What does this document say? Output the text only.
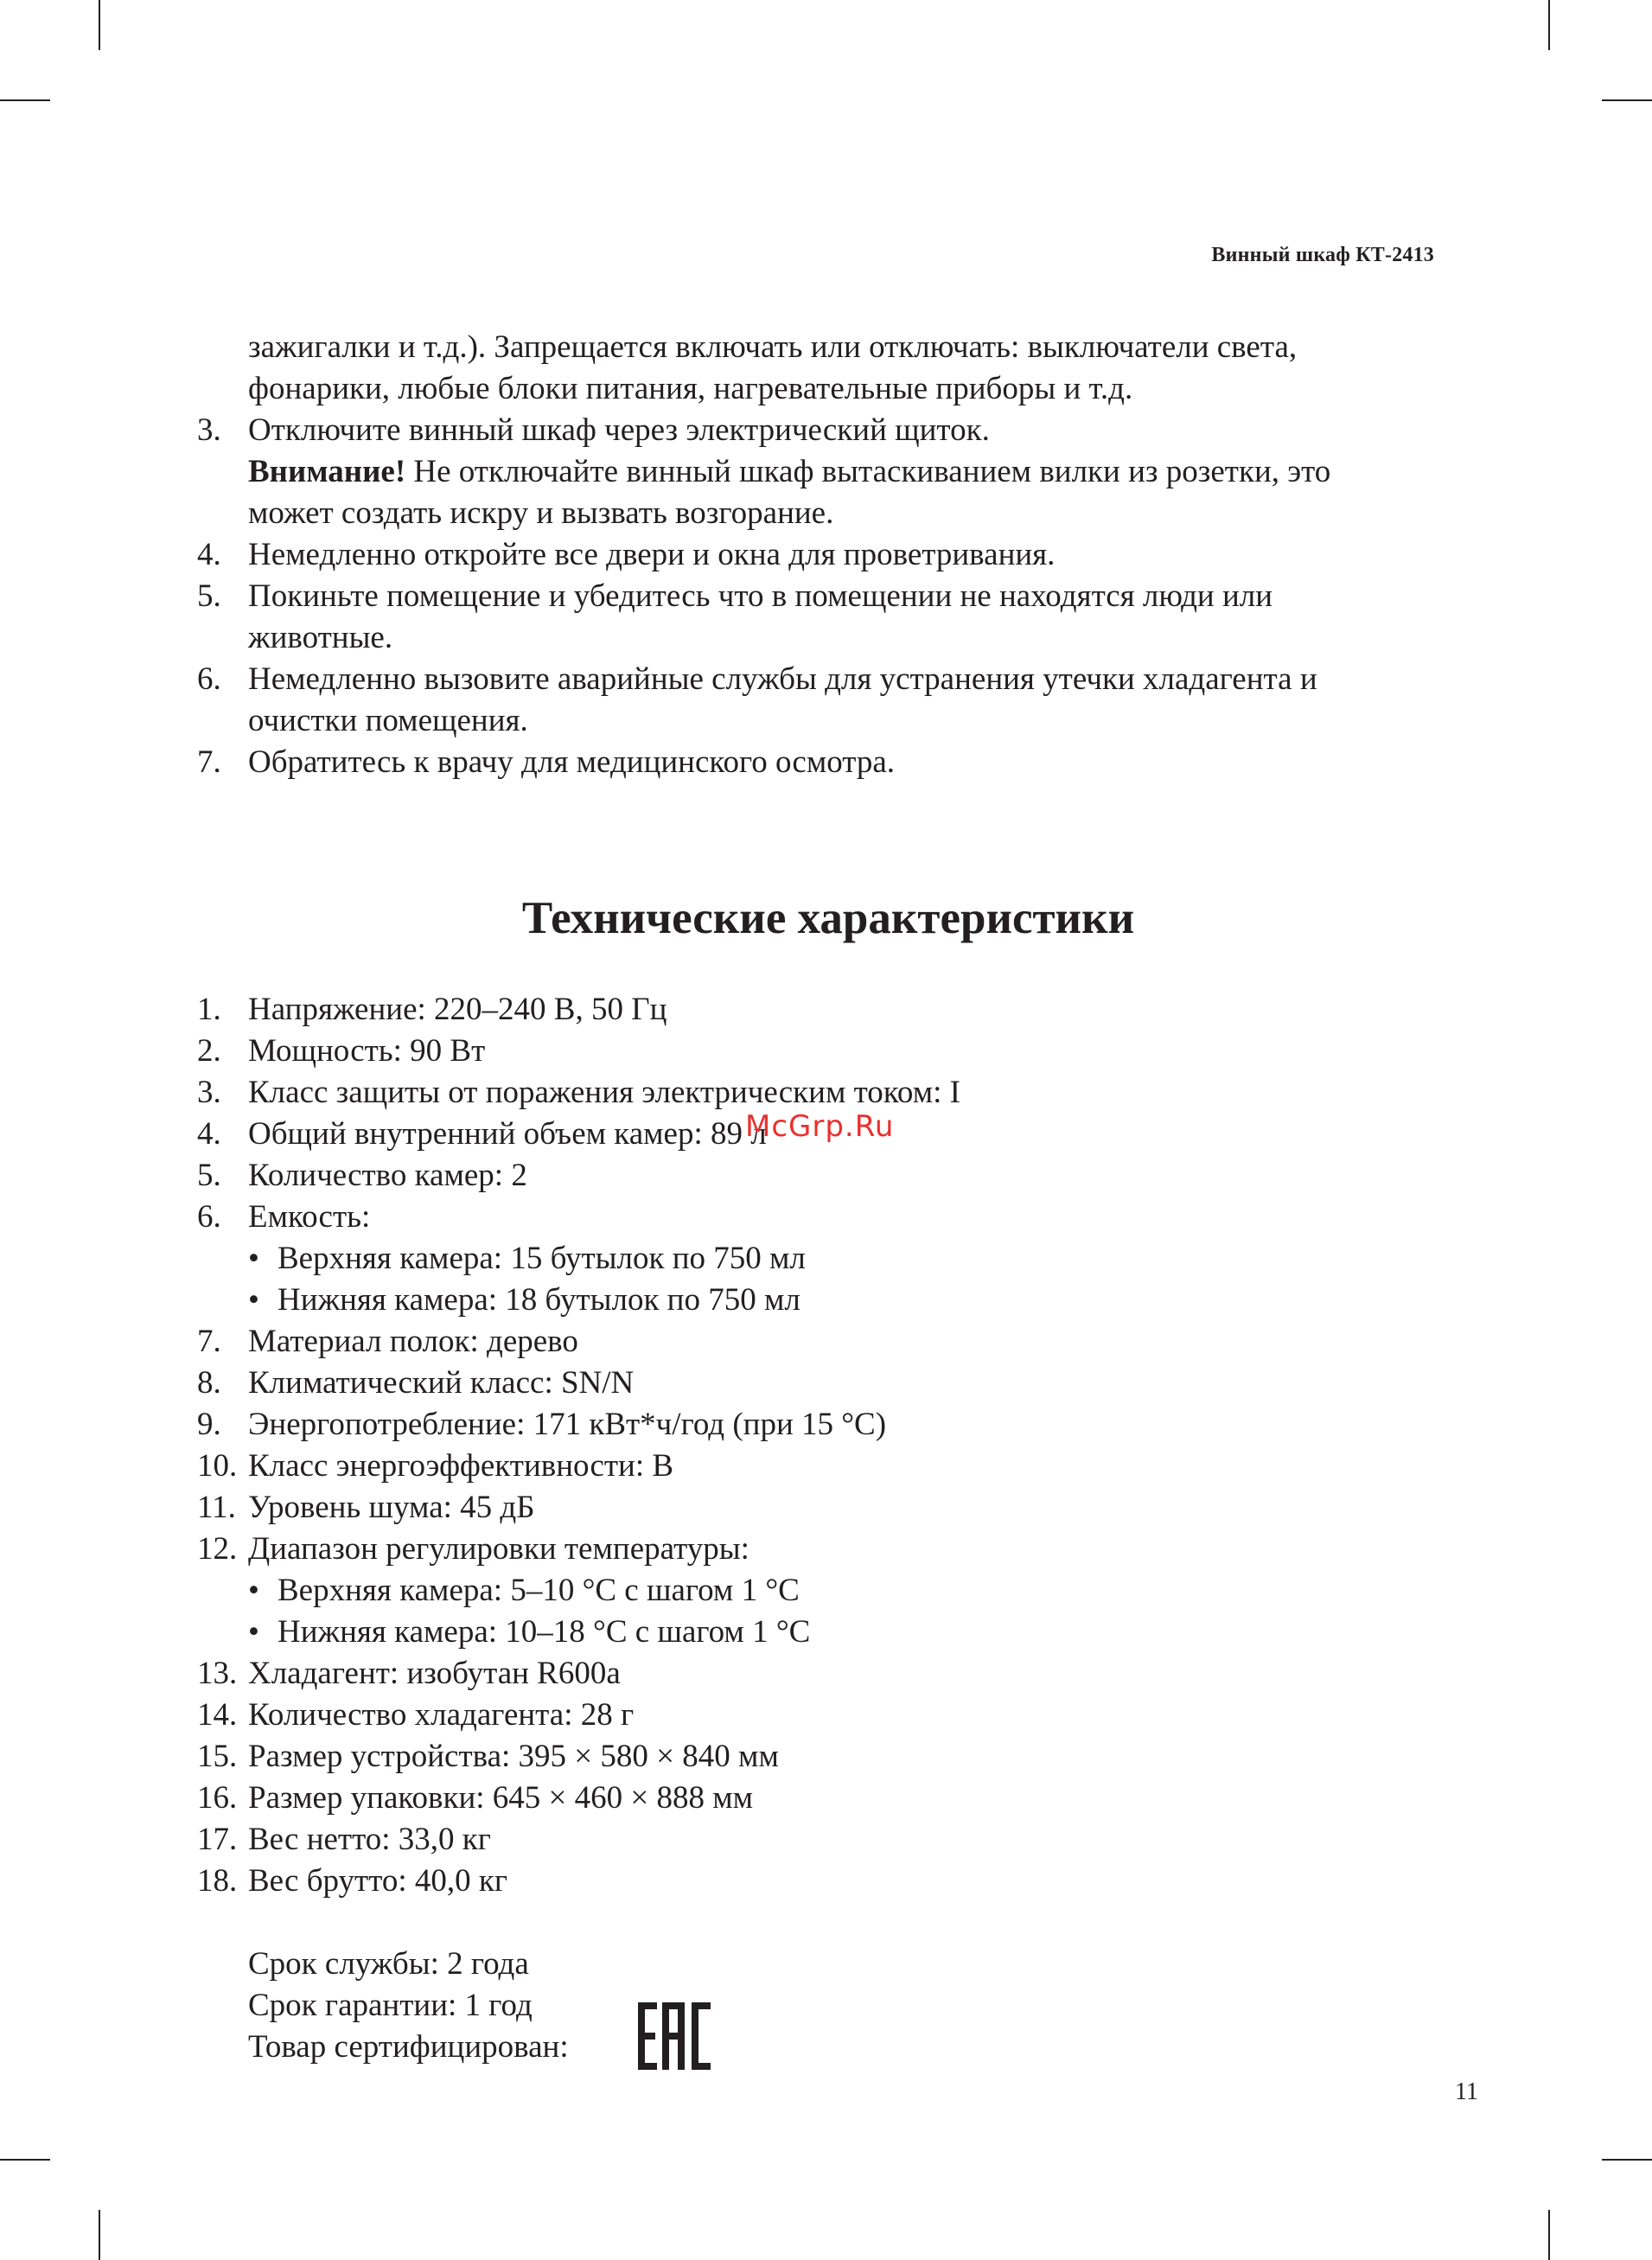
Винный шкаф КТ-2413
зажигалки и т.д.). Запрещается включать или отключать: выключатели света,
фонарики, любые блоки питания, нагревательные приборы и т.д.
3. Отключите винный шкаф через электрический щиток.
Внимание! Не отключайте винный шкаф вытаскиванием вилки из розетки, это
может создать искру и вызвать возгорание.
4. Немедленно откройте все двери и окна для проветривания.
5. Покиньте помещение и убедитесь что в помещении не находятся люди или
животные.
6. Немедленно вызовите аварийные службы для устранения утечки хладагента и
очистки помещения.
7. Обратитесь к врачу для медицинского осмотра.
Технические характеристики
1. Напряжение: 220–240 В, 50 Гц
2. Мощность: 90 Вт
3. Класс защиты от поражения электрическим током: I
4. Общий внутренний объем камер: 89 л
5. Количество камер: 2
6. Емкость:
• Верхняя камера: 15 бутылок по 750 мл
• Нижняя камера: 18 бутылок по 750 мл
7. Материал полок: дерево
8. Климатический класс: SN/N
9. Энергопотребление: 171 кВт*ч/год (при 15 °С)
10. Класс энергоэффективности: В
11. Уровень шума: 45 дБ
12. Диапазон регулировки температуры:
• Верхняя камера: 5–10 °С с шагом 1 °С
• Нижняя камера: 10–18 °С с шагом 1 °С
13. Хладагент: изобутан R600a
14. Количество хладагента: 28 г
15. Размер устройства: 395 × 580 × 840 мм
16. Размер упаковки: 645 × 460 × 888 мм
17. Вес нетто: 33,0 кг
18. Вес брутто: 40,0 кг
Срок службы: 2 года
Срок гарантии: 1 год
Товар сертифицирован:
McGrp.Ru
11
